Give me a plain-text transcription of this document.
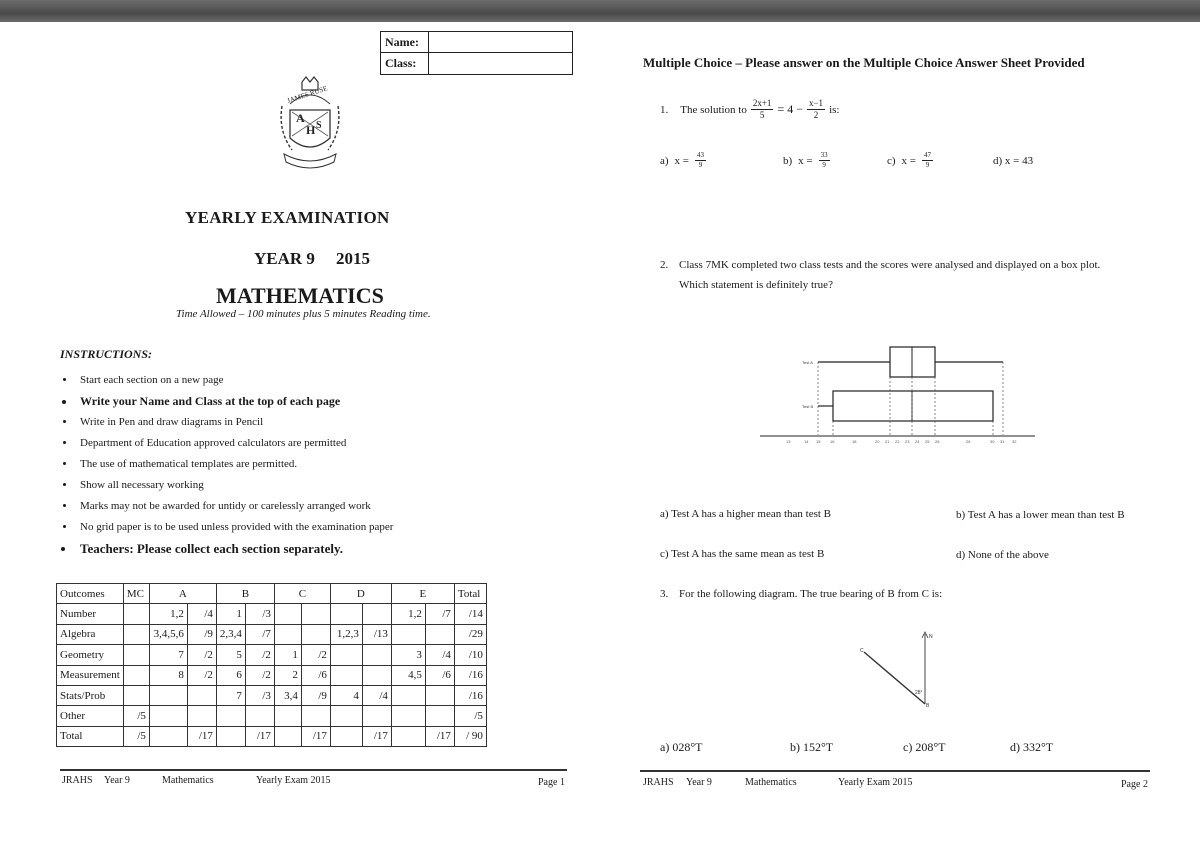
Name:
Class:
A
H S
JAMES RUSE
YEARLY EXAMINATION
YEAR 9 2015
MATHEMATICS
Time Allowed – 100 minutes plus 5 minutes Reading time.
INSTRUCTIONS:
• Start each section on a new page
• Write your Name and Class at the top of each page
• Write in Pen and draw diagrams in Pencil
• Department of Education approved calculators are permitted
• The use of mathematical templates are permitted.
• Show all necessary working
• Marks may not be awarded for untidy or carelessly arranged work
• No grid paper is to be used unless provided with the examination paper
• Teachers: Please collect each section separately.
Outcomes	MC	A		B		C		D		E		Total
Number		1,2	/4	1	/3					1,2	/7	/14
Algebra		3,4,5,6	/9	2,3,4	/7			1,2,3	/13			/29
Geometry		7	/2	5	/2	1	/2			3	/4	/10
Measurement		8	/2	6	/2	2	/6			4,5	/6	/16
Stats/Prob				7	/3	3,4	/9	4	/4			/16
Other	/5											/5
Total	/5		/17		/17		/17		/17		/17	/ 90
JRAHS Year 9	Mathematics	Yearly Exam 2015	Page 1
Multiple Choice – Please answer on the Multiple Choice Answer Sheet Provided
1. The solution to $\frac{2x+1}{5} = 4 - \frac{x-1}{2}$ is:
a) $x = \frac{43}{9}$	b) $x = \frac{33}{9}$	c) $x = \frac{47}{9}$	d) x = 43
2. Class 7MK completed two class tests and the scores were analysed and displayed on a box plot.
Which statement is definitely true?
Test A
Test B
13	14 15 16	18	20 21 22 23 24 25 26	28	30 31 32
a) Test A has a higher mean than test B	b) Test A has a lower mean than test B
c) Test A has the same mean as test B	d) None of the above
3. For the following diagram. The true bearing of B from C is:
N
C
B
28°
a) 028°T	b) 152°T	c) 208°T	d) 332°T
JRAHS Year 9	Mathematics	Yearly Exam 2015	Page 2
